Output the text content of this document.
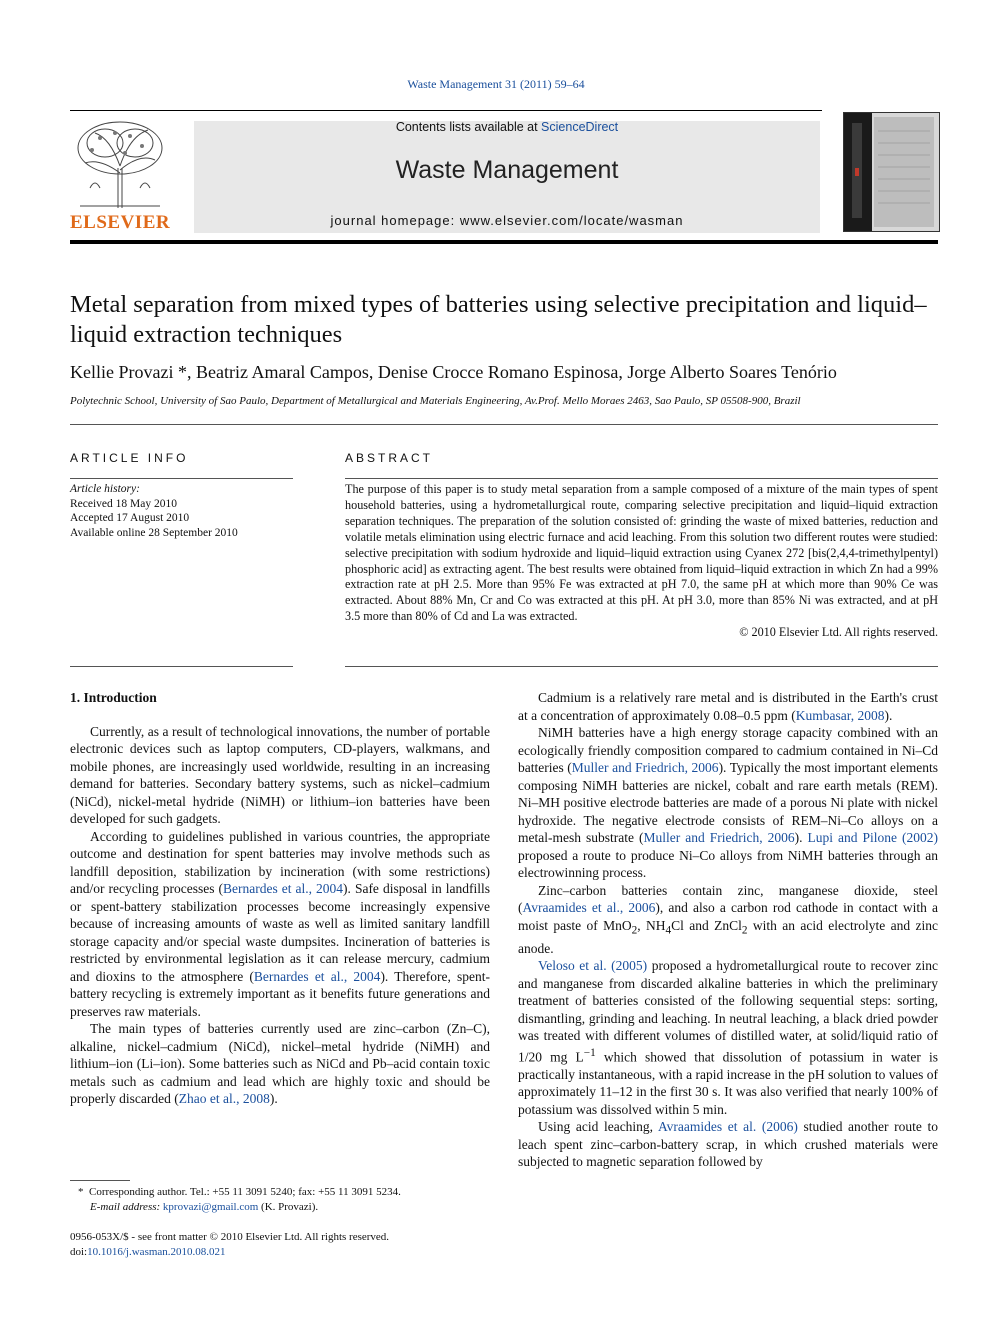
Waste Management 31 (2011) 59–64
ELSEVIER
Contents lists available at ScienceDirect
Waste Management
journal homepage: www.elsevier.com/locate/wasman
Metal separation from mixed types of batteries using selective precipitation and liquid–liquid extraction techniques
Kellie Provazi *, Beatriz Amaral Campos, Denise Crocce Romano Espinosa, Jorge Alberto Soares Tenório
Polytechnic School, University of Sao Paulo, Department of Metallurgical and Materials Engineering, Av.Prof. Mello Moraes 2463, Sao Paulo, SP 05508-900, Brazil
ARTICLE INFO
Article history:
Received 18 May 2010
Accepted 17 August 2010
Available online 28 September 2010
ABSTRACT
The purpose of this paper is to study metal separation from a sample composed of a mixture of the main types of spent household batteries, using a hydrometallurgical route, comparing selective precipitation and liquid–liquid extraction separation techniques. The preparation of the solution consisted of: grinding the waste of mixed batteries, reduction and volatile metals elimination using electric furnace and acid leaching. From this solution two different routes were studied: selective precipitation with sodium hydroxide and liquid–liquid extraction using Cyanex 272 [bis(2,4,4-trimethylpentyl) phosphoric acid] as extracting agent. The best results were obtained from liquid–liquid extraction in which Zn had a 99% extraction rate at pH 2.5. More than 95% Fe was extracted at pH 7.0, the same pH at which more than 90% Ce was extracted. About 88% Mn, Cr and Co was extracted at this pH. At pH 3.0, more than 85% Ni was extracted, and at pH 3.5 more than 80% of Cd and La was extracted.
© 2010 Elsevier Ltd. All rights reserved.
1. Introduction

Currently, as a result of technological innovations, the number of portable electronic devices such as laptop computers, CD-players, walkmans, and mobile phones, are increasingly used worldwide, resulting in an increasing demand for batteries. Secondary battery systems, such as nickel–cadmium (NiCd), nickel-metal hydride (NiMH) or lithium–ion batteries have been developed for such gadgets.

According to guidelines published in various countries, the appropriate outcome and destination for spent batteries may involve methods such as landfill deposition, stabilization by incineration (with some restrictions) and/or recycling processes (Bernardes et al., 2004). Safe disposal in landfills or spent-battery stabilization processes become increasingly expensive because of increasing amounts of waste as well as limited sanitary landfill storage capacity and/or special waste dumpsites. Incineration of batteries is restricted by environmental legislation as it can release mercury, cadmium and dioxins to the atmosphere (Bernardes et al., 2004). Therefore, spent-battery recycling is extremely important as it benefits future generations and preserves raw materials.

The main types of batteries currently used are zinc–carbon (Zn–C), alkaline, nickel–cadmium (NiCd), nickel–metal hydride (NiMH) and lithium–ion (Li–ion). Some batteries such as NiCd and Pb–acid contain toxic metals such as cadmium and lead which are highly toxic and should be properly discarded (Zhao et al., 2008).

Cadmium is a relatively rare metal and is distributed in the Earth's crust at a concentration of approximately 0.08–0.5 ppm (Kumbasar, 2008).

NiMH batteries have a high energy storage capacity combined with an ecologically friendly composition compared to cadmium contained in Ni–Cd batteries (Muller and Friedrich, 2006). Typically the most important elements composing NiMH batteries are nickel, cobalt and rare earth metals (REM). Ni–MH positive electrode batteries are made of a porous Ni plate with nickel hydroxide. The negative electrode consists of REM–Ni–Co alloys on a metal-mesh substrate (Muller and Friedrich, 2006). Lupi and Pilone (2002) proposed a route to produce Ni–Co alloys from NiMH batteries through an electrowinning process.

Zinc–carbon batteries contain zinc, manganese dioxide, steel (Avraamides et al., 2006), and also a carbon rod cathode in contact with a moist paste of MnO$_2$, $NH_4Cl$ and ZnCl$_2$ with an acid electrolyte and zinc anode.

Veloso et al. (2005) proposed a hydrometallurgical route to recover zinc and manganese from discarded alkaline batteries in which the preliminary treatment of batteries consisted of the following sequential steps: sorting, dismantling, grinding and leaching. In neutral leaching, a black dried powder was treated with different volumes of distilled water, at solid/liquid ratio of 1/20 mg $L^{-1}$ which showed that dissolution of potassium in water is practically instantaneous, with a rapid increase in the pH solution to values of approximately 11–12 in the first 30 s. It was also verified that nearly 100% of potassium was dissolved within 5 min.

Using acid leaching, Avraamides et al. (2006) studied another route to leach spent zinc–carbon-battery scrap, in which crushed materials were subjected to magnetic separation followed by

* Corresponding author. Tel.: +55 11 3091 5240; fax: +55 11 3091 5234.
E-mail address: kprovazi@gmail.com (K. Provazi).
0956-053X/$ - see front matter © 2010 Elsevier Ltd. All rights reserved.
doi:10.1016/j.wasman.2010.08.021
